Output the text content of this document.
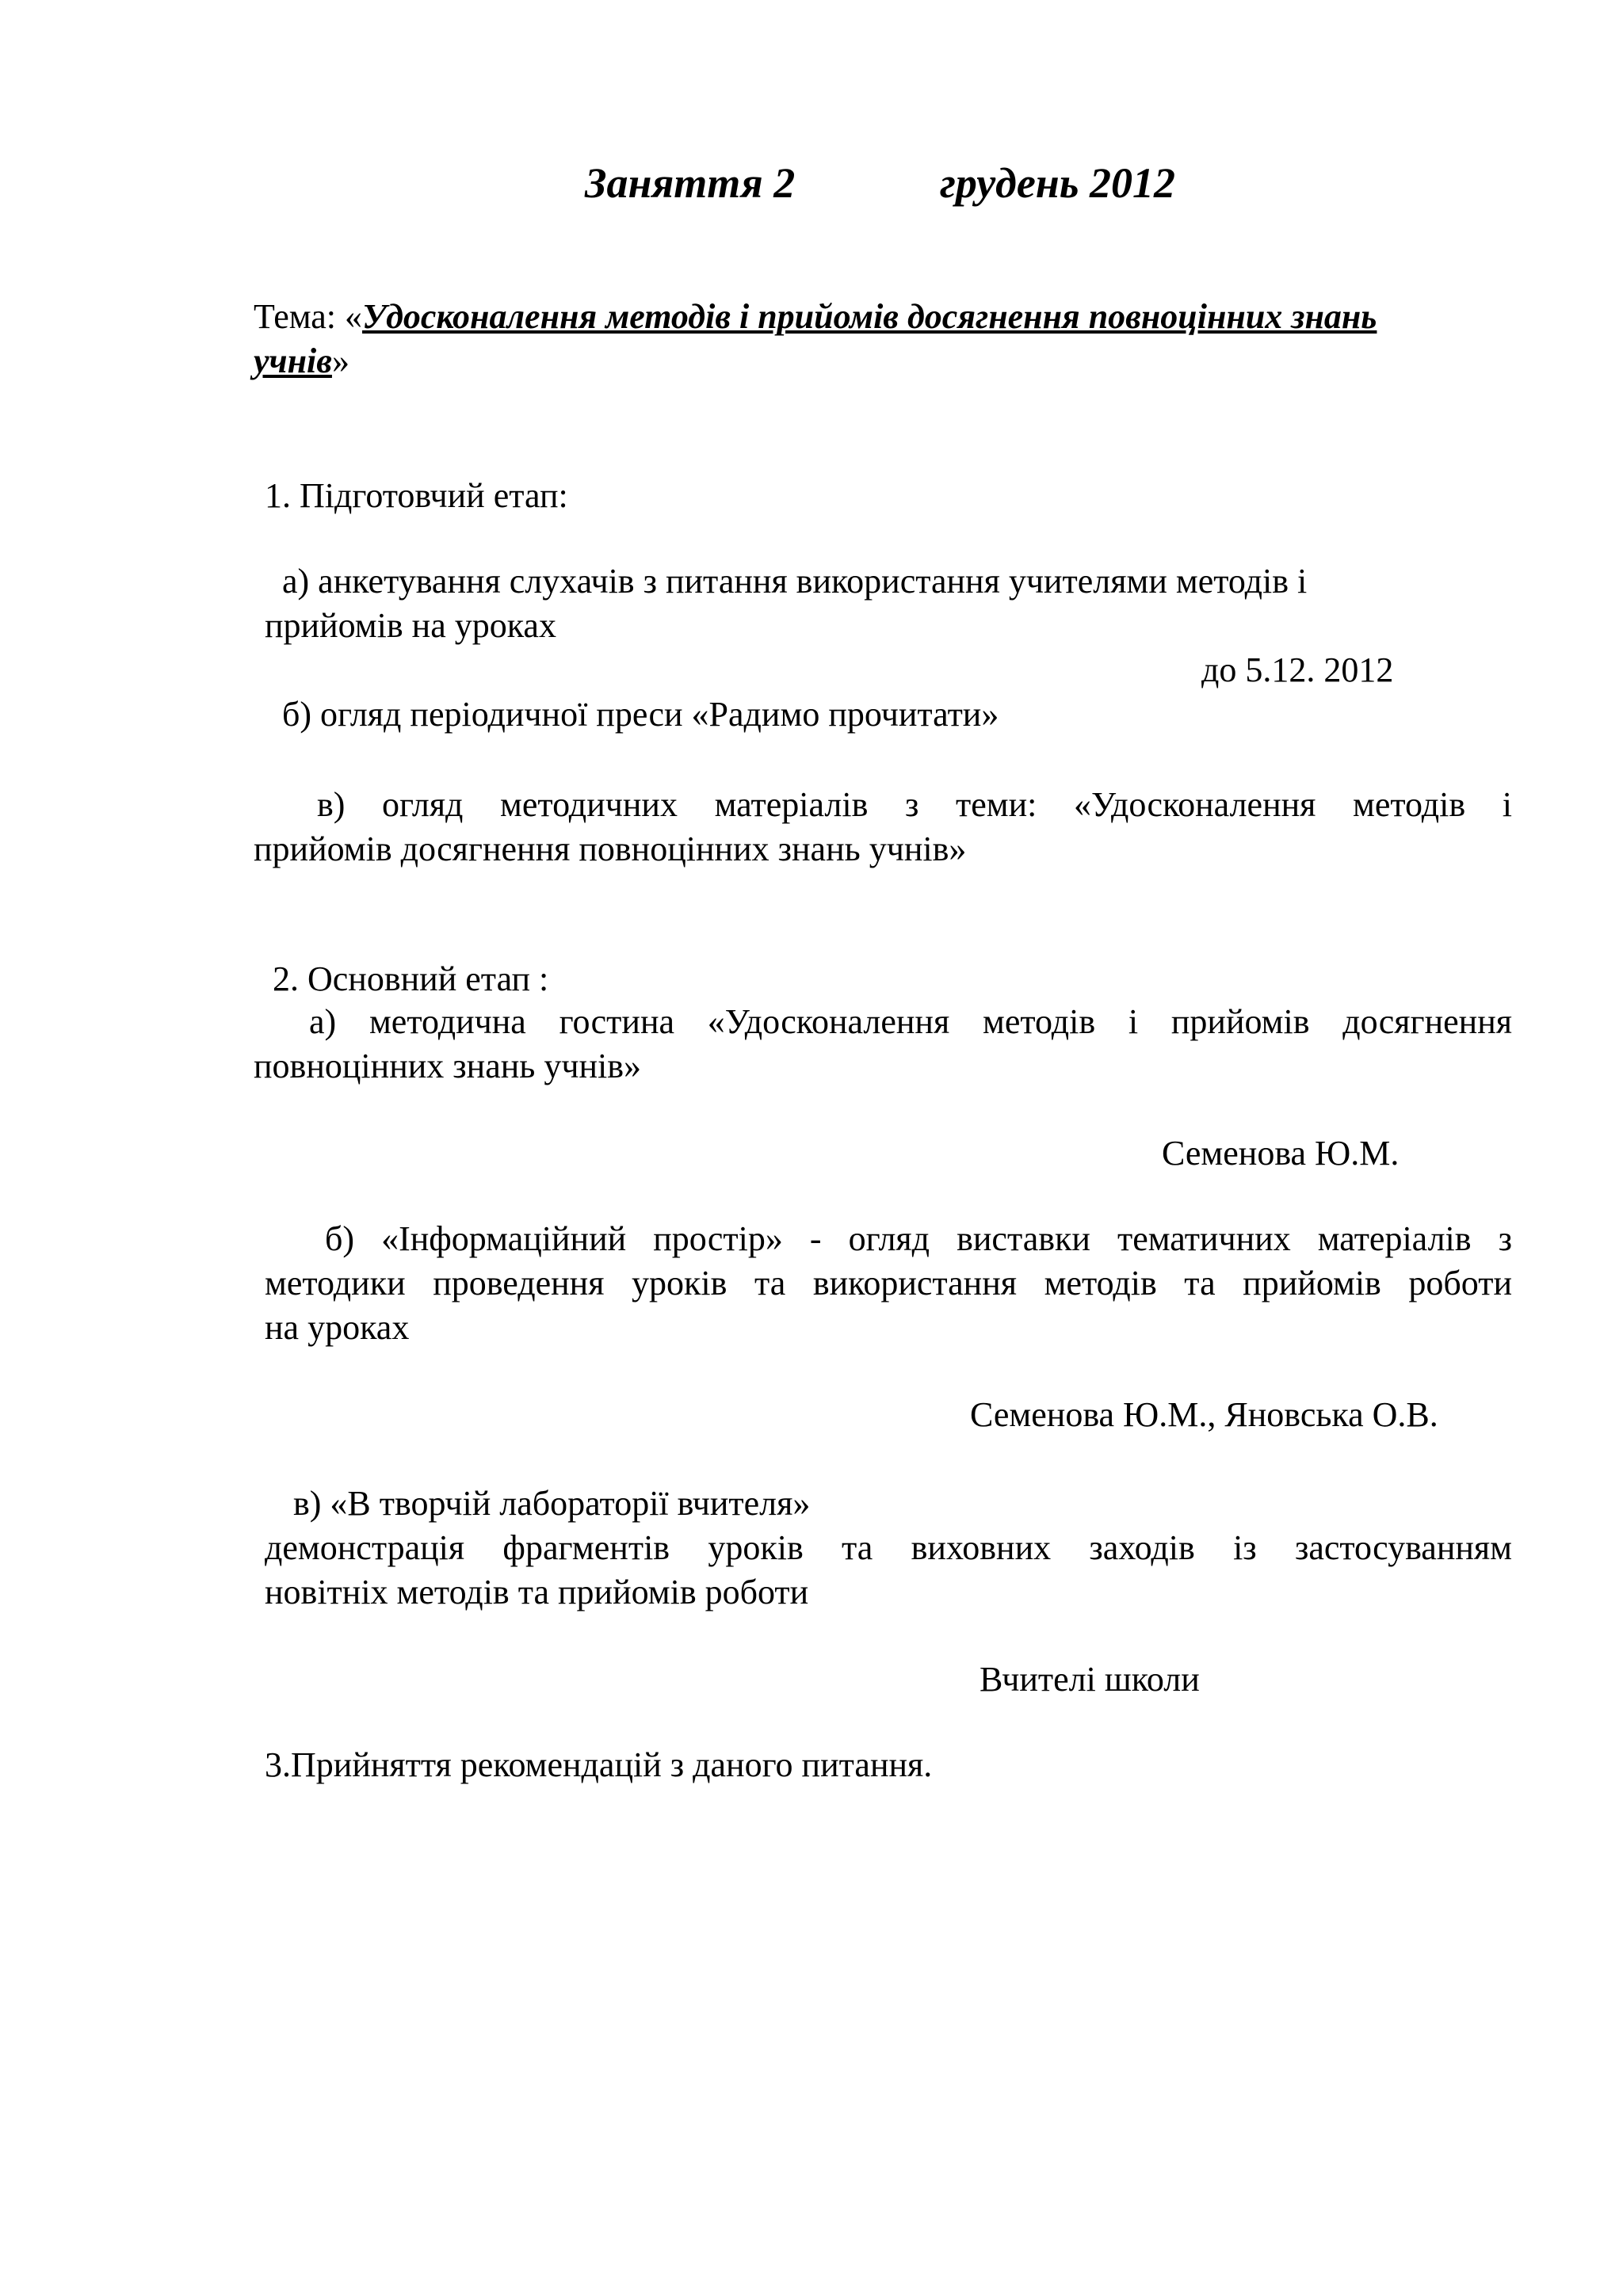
Заняття 2	грудень 2012
Тема: «Удосконалення методів і прийомів досягнення повноцінних знань
учнів»
1. Підготовчий етап:
а) анкетування слухачів з питання використання учителями методів і
прийомів на уроках
до 5.12. 2012
б) огляд періодичної преси «Радимо прочитати»
в) огляд методичних матеріалів з теми: «Удосконалення методів і
прийомів досягнення повноцінних знань учнів»
2. Основний етап :
а) методична гостина «Удосконалення методів і прийомів досягнення
повноцінних знань учнів»
Семенова Ю.М.
б) «Інформаційний простір» - огляд виставки тематичних матеріалів з
методики проведення уроків та використання методів та прийомів роботи
на уроках
Семенова Ю.М., Яновська О.В.
в) «В творчій лабораторії вчителя»
демонстрація фрагментів уроків та виховних заходів із застосуванням
новітніх методів та прийомів роботи
Вчителі школи
3.Прийняття рекомендацій з даного питання.
